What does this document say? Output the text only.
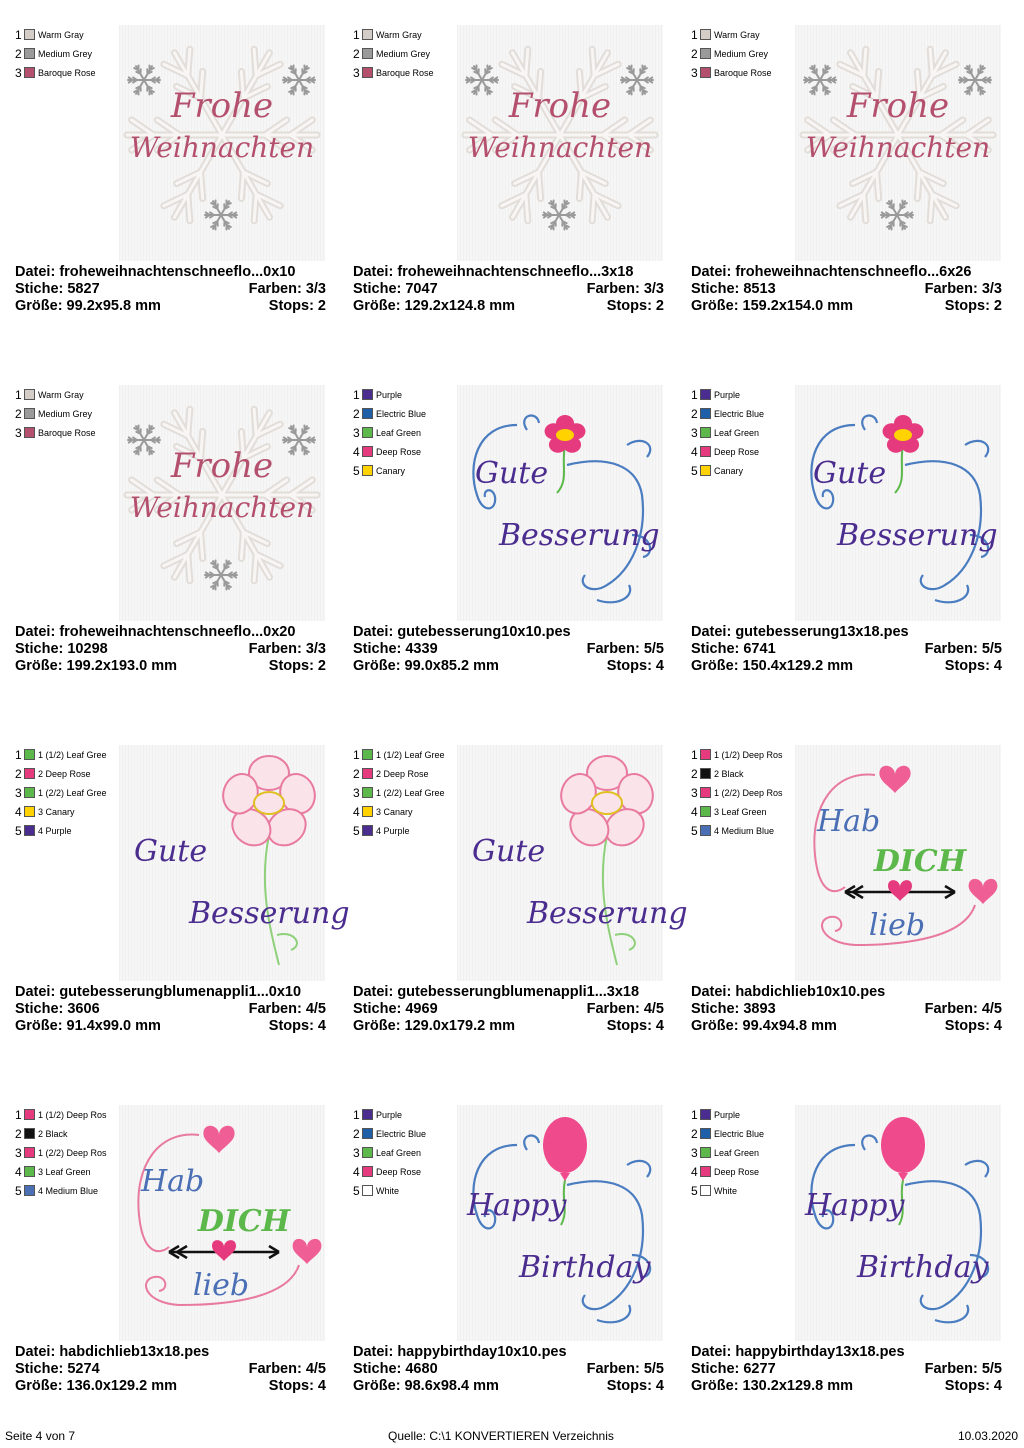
1 Warm Gray
2 Medium Grey
3 Baroque Rose
Frohe
Weihnachten
Datei: froheweihnachtenschneeflo...0x10
Stiche: 5827	Farben: 3/3
Größe: 99.2x95.8 mm	Stops: 2
1 Warm Gray
2 Medium Grey
3 Baroque Rose
Frohe
Weihnachten
Datei: froheweihnachtenschneeflo...3x18
Stiche: 7047	Farben: 3/3
Größe: 129.2x124.8 mm	Stops: 2
1 Warm Gray
2 Medium Grey
3 Baroque Rose
Frohe
Weihnachten
Datei: froheweihnachtenschneeflo...6x26
Stiche: 8513	Farben: 3/3
Größe: 159.2x154.0 mm	Stops: 2
1 Warm Gray
2 Medium Grey
3 Baroque Rose
Frohe
Weihnachten
Datei: froheweihnachtenschneeflo...0x20
Stiche: 10298	Farben: 3/3
Größe: 199.2x193.0 mm	Stops: 2
1 Purple
2 Electric Blue
3 Leaf Green
4 Deep Rose
5 Canary Gute
Besserung
Datei: gutebesserung10x10.pes
Stiche: 4339	Farben: 5/5
Größe: 99.0x85.2 mm	Stops: 4
1 Purple
2 Electric Blue
3 Leaf Green
4 Deep Rose
5 Canary Gute
Besserung
Datei: gutebesserung13x18.pes
Stiche: 6741	Farben: 5/5
Größe: 150.4x129.2 mm	Stops: 4
1 1 (1/2) Leaf Gree
2 2 Deep Rose
3 1 (2/2) Leaf Gree
4 3 Canary
5 4 Purple
Gute
Besserung
Datei: gutebesserungblumenappli1...0x10
Stiche: 3606	Farben: 4/5
Größe: 91.4x99.0 mm	Stops: 4
1 1 (1/2) Leaf Gree
2 2 Deep Rose
3 1 (2/2) Leaf Gree
4 3 Canary
5 4 Purple
Gute
Besserung
Datei: gutebesserungblumenappli1...3x18
Stiche: 4969	Farben: 4/5
Größe: 129.0x179.2 mm	Stops: 4
1 1 (1/2) Deep Ros
2 2 Black
3 1 (2/2) Deep Ros
4 3 Leaf Green
5 4 Medium Blue Hab
DICH
lieb
Datei: habdichlieb10x10.pes
Stiche: 3893	Farben: 4/5
Größe: 99.4x94.8 mm	Stops: 4
1 1 (1/2) Deep Ros
2 2 Black
3 1 (2/2) Deep Ros
4 3 Leaf Green
5 4 Medium Blue Hab
DICH
lieb
Datei: habdichlieb13x18.pes
Stiche: 5274	Farben: 4/5
Größe: 136.0x129.2 mm	Stops: 4
1 Purple
2 Electric Blue
3 Leaf Green
4 Deep Rose
5 White Happy
Birthday
Datei: happybirthday10x10.pes
Stiche: 4680	Farben: 5/5
Größe: 98.6x98.4 mm	Stops: 4
1 Purple
2 Electric Blue
3 Leaf Green
4 Deep Rose
5 White Happy
Birthday
Datei: happybirthday13x18.pes
Stiche: 6277	Farben: 5/5
Größe: 130.2x129.8 mm	Stops: 4
Seite 4 von 7	Quelle: C:\1 KONVERTIEREN Verzeichnis	10.03.2020
